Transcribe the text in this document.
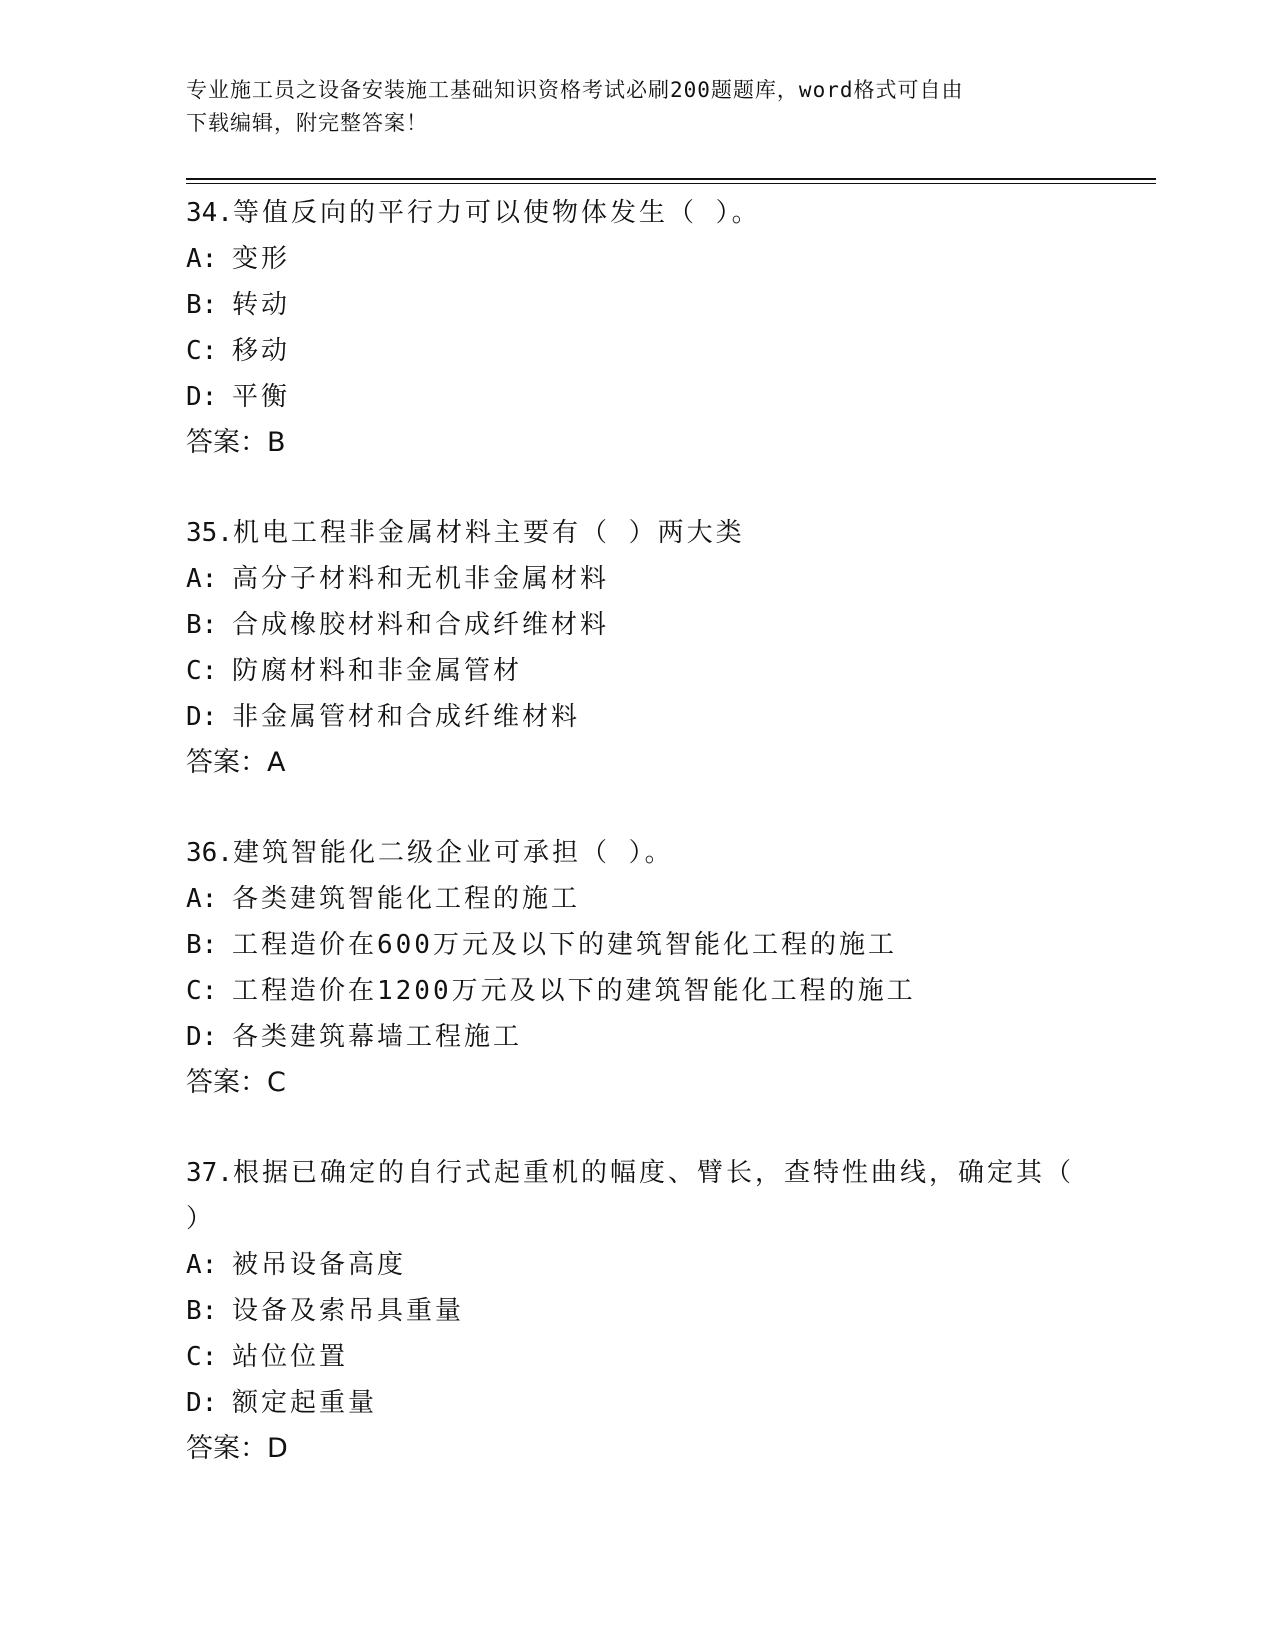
专业施工员之设备安装施工基础知识资格考试必刷200题题库，word格式可自由
下载编辑，附完整答案！
34.等值反向的平行力可以使物体发生（ ）。
A: 变形
B: 转动
C: 移动
D: 平衡
答案：B
35.机电工程非金属材料主要有（ ）两大类
A: 高分子材料和无机非金属材料
B: 合成橡胶材料和合成纤维材料
C: 防腐材料和非金属管材
D: 非金属管材和合成纤维材料
答案：A
36.建筑智能化二级企业可承担（ ）。
A: 各类建筑智能化工程的施工
B: 工程造价在600万元及以下的建筑智能化工程的施工
C: 工程造价在1200万元及以下的建筑智能化工程的施工
D: 各类建筑幕墙工程施工
答案：C
37.根据已确定的自行式起重机的幅度、臂长，查特性曲线，确定其（ ）
A: 被吊设备高度
B: 设备及索吊具重量
C: 站位位置
D: 额定起重量
答案：D
